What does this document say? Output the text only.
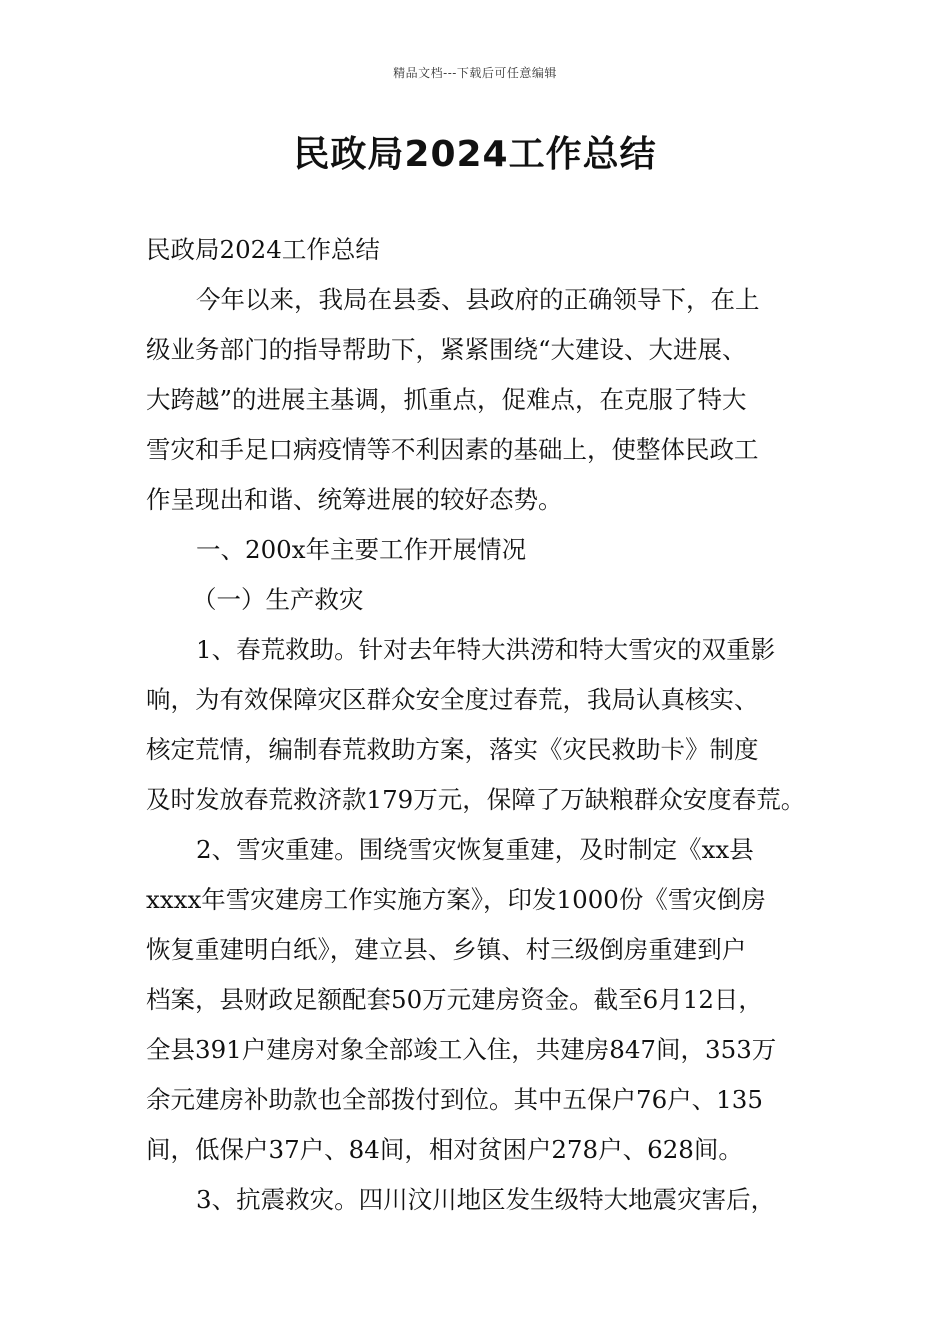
精品文档---下载后可任意编辑
民政局2024工作总结
民政局2024工作总结
今年以来，我局在县委、县政府的正确领导下，在上
级业务部门的指导帮助下，紧紧围绕“大建设、大进展、
大跨越”的进展主基调，抓重点，促难点，在克服了特大
雪灾和手足口病疫情等不利因素的基础上，使整体民政工
作呈现出和谐、统筹进展的较好态势。
一、200x年主要工作开展情况
（一）生产救灾
1、春荒救助。针对去年特大洪涝和特大雪灾的双重影
响，为有效保障灾区群众安全度过春荒，我局认真核实、
核定荒情，编制春荒救助方案，落实《灾民救助卡》制度
及时发放春荒救济款179万元，保障了万缺粮群众安度春荒。
2、雪灾重建。围绕雪灾恢复重建，及时制定《xx县
xxxx年雪灾建房工作实施方案》，印发1000份《雪灾倒房
恢复重建明白纸》，建立县、乡镇、村三级倒房重建到户
档案，县财政足额配套50万元建房资金。截至6月12日，
全县391户建房对象全部竣工入住，共建房847间，353万
余元建房补助款也全部拨付到位。其中五保户76户、135
间，低保户37户、84间，相对贫困户278户、628间。
3、抗震救灾。四川汶川地区发生级特大地震灾害后，
